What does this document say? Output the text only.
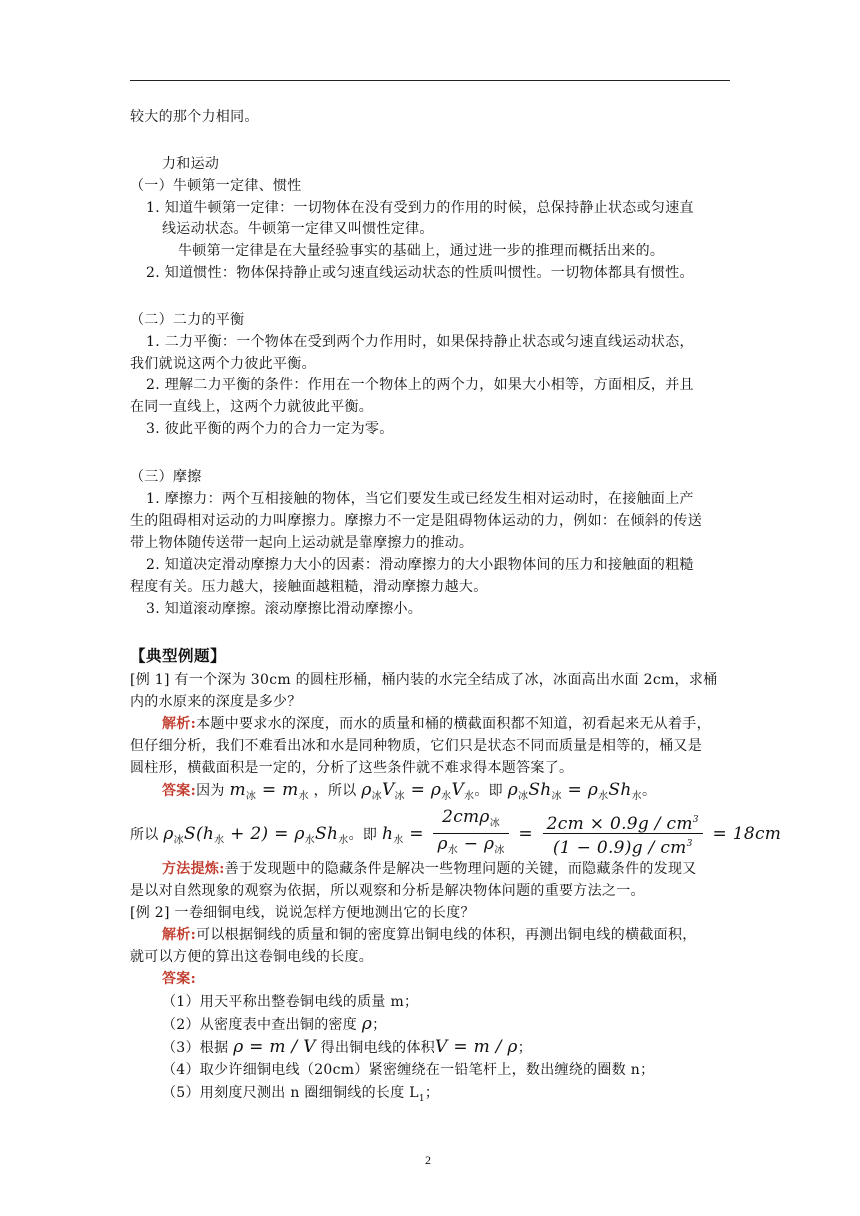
较大的那个力相同。
力和运动
（一）牛顿第一定律、惯性
1. 知道牛顿第一定律：一切物体在没有受到力的作用的时候，总保持静止状态或匀速直
线运动状态。牛顿第一定律又叫惯性定律。
牛顿第一定律是在大量经验事实的基础上，通过进一步的推理而概括出来的。
2. 知道惯性：物体保持静止或匀速直线运动状态的性质叫惯性。一切物体都具有惯性。
（二）二力的平衡
1. 二力平衡：一个物体在受到两个力作用时，如果保持静止状态或匀速直线运动状态，
我们就说这两个力彼此平衡。
2. 理解二力平衡的条件：作用在一个物体上的两个力，如果大小相等，方面相反，并且
在同一直线上，这两个力就彼此平衡。
3. 彼此平衡的两个力的合力一定为零。
（三）摩擦
1. 摩擦力：两个互相接触的物体，当它们要发生或已经发生相对运动时，在接触面上产
生的阻碍相对运动的力叫摩擦力。摩擦力不一定是阻碍物体运动的力，例如：在倾斜的传送
带上物体随传送带一起向上运动就是靠摩擦力的推动。
2. 知道决定滑动摩擦力大小的因素：滑动摩擦力的大小跟物体间的压力和接触面的粗糙
程度有关。压力越大，接触面越粗糙，滑动摩擦力越大。
3. 知道滚动摩擦。滚动摩擦比滑动摩擦小。
【典型例题】
[例 1] 有一个深为 30cm 的圆柱形桶，桶内装的水完全结成了冰，冰面高出水面 2cm，求桶
内的水原来的深度是多少？
解析:本题中要求水的深度，而水的质量和桶的横截面积都不知道，初看起来无从着手，
但仔细分析，我们不难看出冰和水是同种物质，它们只是状态不同而质量是相等的，桶又是
圆柱形，横截面积是一定的，分析了这些条件就不难求得本题答案了。
答案:因为 $m_冰 = m_水$ ，所以 $\rho_冰V_冰 = \rho_水V_水$。即 $\rho_冰Sh_冰 = \rho_水Sh_水$。
所以 $\rho_冰S(h_水 + 2) = \rho_水Sh_水$。即 $h_水 = \frac{2cm\rho_冰}{\rho_水 - \rho_冰} = \frac{2cm \times 0.9g / cm^3}{(1 - 0.9)g / cm^3} = 18cm$
方法提炼:善于发现题中的隐藏条件是解决一些物理问题的关键，而隐藏条件的发现又
是以对自然现象的观察为依据，所以观察和分析是解决物体问题的重要方法之一。
[例 2] 一卷细铜电线，说说怎样方便地测出它的长度？
解析:可以根据铜线的质量和铜的密度算出铜电线的体积，再测出铜电线的横截面积，
就可以方便的算出这卷铜电线的长度。
答案:
（1）用天平称出整卷铜电线的质量 m；
（2）从密度表中查出铜的密度 ρ；
（3）根据 ρ = m / V 得出铜电线的体积V = m / ρ；
（4）取少许细铜电线（20cm）紧密缠绕在一铅笔杆上，数出缠绕的圈数 n；
（5）用刻度尺测出 n 圈细铜线的长度 $L_1$；
2
